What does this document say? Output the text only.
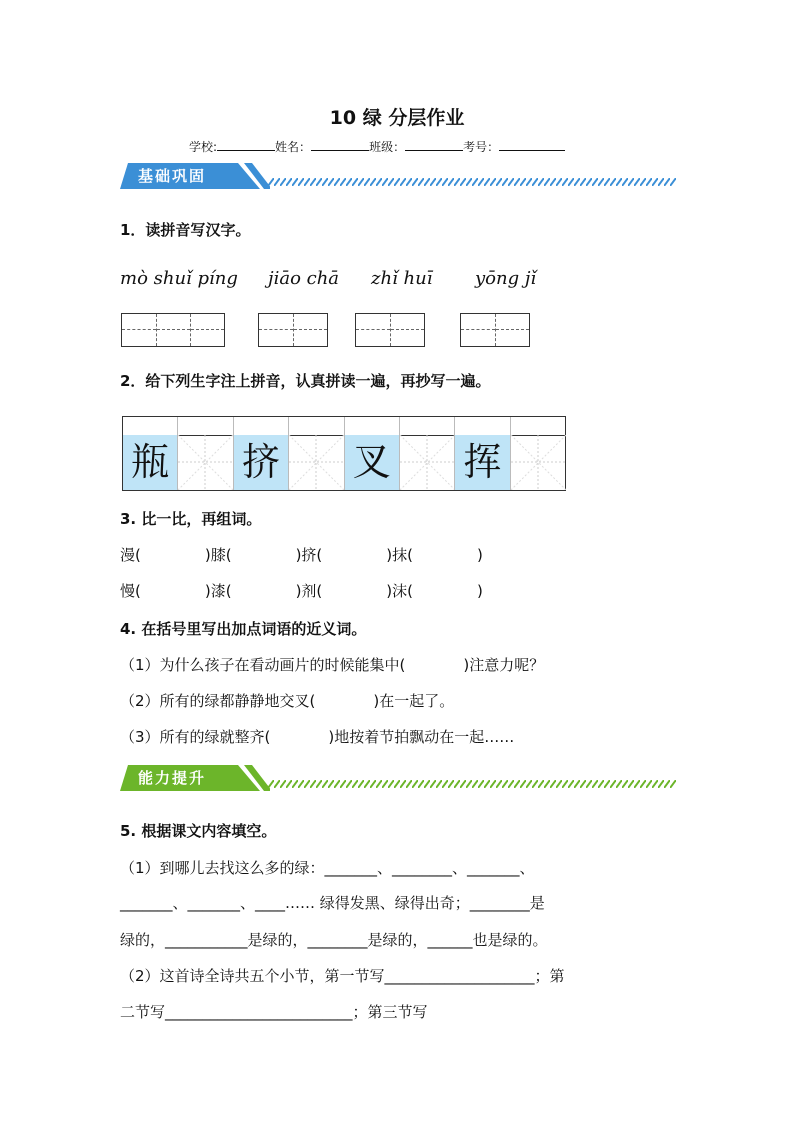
10 绿 分层作业
学校:	姓名：	班级：	考号：
基础巩固
1．读拼音写汉字。
mò shuǐ píng jiāo chā zhǐ huī yōng jǐ
2．给下列生字注上拼音，认真拼读一遍，再抄写一遍。
瓶 挤 叉 挥
3. 比一比，再组词。
漫(	)膝(	)挤(	)抹(	)
慢(	)漆(	)剂(	)沫(	)
4. 在括号里写出加点词语的近义词。
（1）为什么孩子在看动画片的时候能集中(	)注意力呢？
（2）所有的绿都静静地交叉(	)在一起了。
（3）所有的绿就整齐(	)地按着节拍飘动在一起……
能力提升
5. 根据课文内容填空。
（1）到哪儿去找这么多的绿：_______、________、_______、
_______、_______、____…… 绿得发黑、绿得出奇；________是
绿的，___________是绿的，________是绿的，______也是绿的。
（2）这首诗全诗共五个小节，第一节写____________________；第
二节写_________________________；第三节写
